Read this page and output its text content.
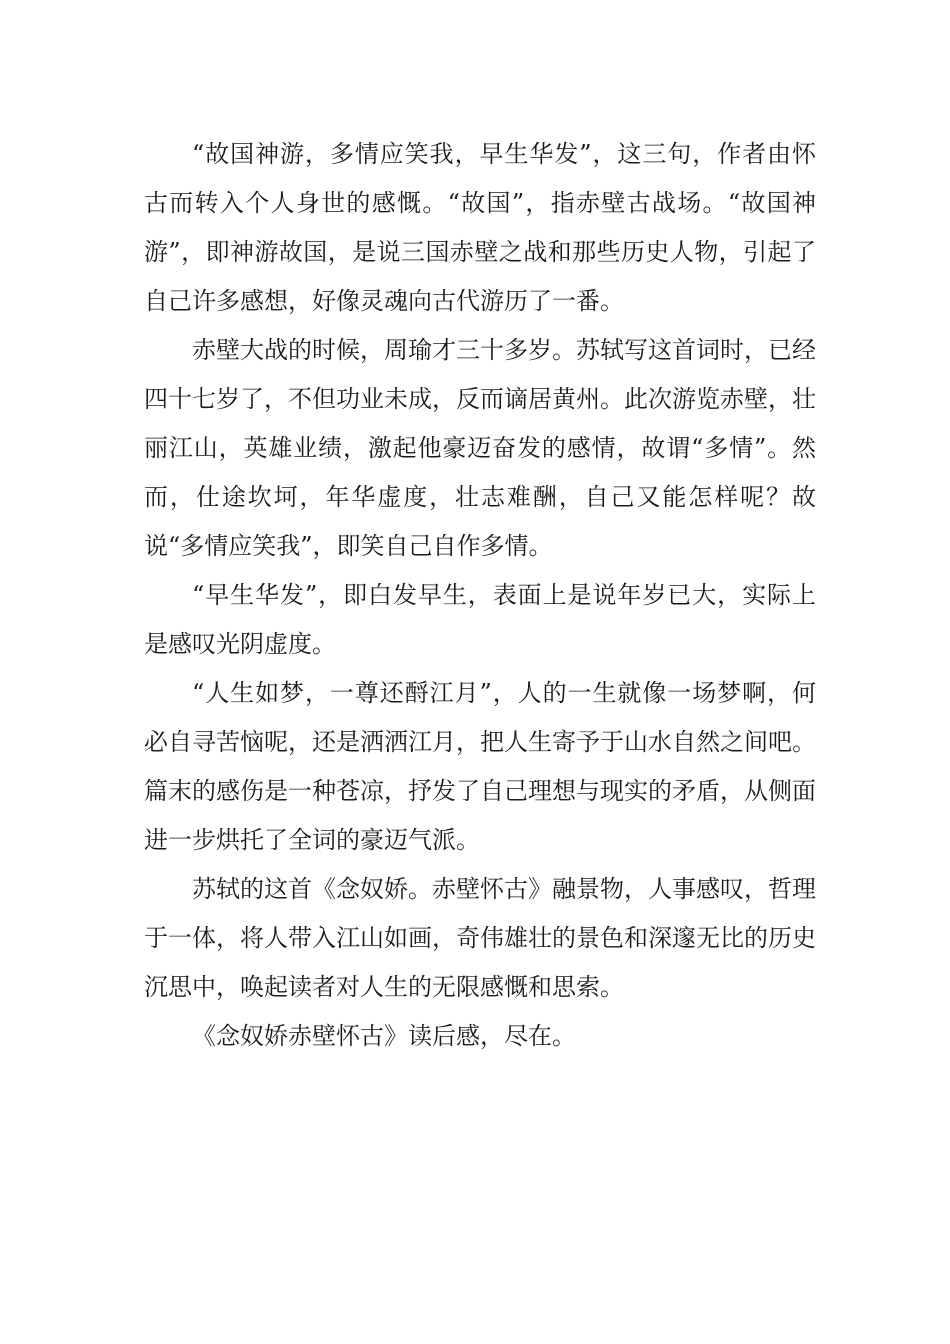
“故国神游，多情应笑我，早生华发”，这三句，作者由怀古而转入个人身世的感慨。“故国”，指赤壁古战场。“故国神游”，即神游故国，是说三国赤壁之战和那些历史人物，引起了自己许多感想，好像灵魂向古代游历了一番。

赤壁大战的时候，周瑜才三十多岁。苏轼写这首词时，已经四十七岁了，不但功业未成，反而谪居黄州。此次游览赤壁，壮丽江山，英雄业绩，激起他豪迈奋发的感情，故谓“多情”。然而，仕途坎坷，年华虚度，壮志难酬，自己又能怎样呢？故说“多情应笑我”，即笑自己自作多情。

“早生华发”，即白发早生，表面上是说年岁已大，实际上是感叹光阴虚度。

“人生如梦，一尊还酹江月”，人的一生就像一场梦啊，何必自寻苦恼呢，还是洒洒江月，把人生寄予于山水自然之间吧。篇末的感伤是一种苍凉，抒发了自己理想与现实的矛盾，从侧面进一步烘托了全词的豪迈气派。

苏轼的这首《念奴娇。赤壁怀古》融景物，人事感叹，哲理于一体，将人带入江山如画，奇伟雄壮的景色和深邃无比的历史沉思中，唤起读者对人生的无限感慨和思索。

《念奴娇赤壁怀古》读后感，尽在。
